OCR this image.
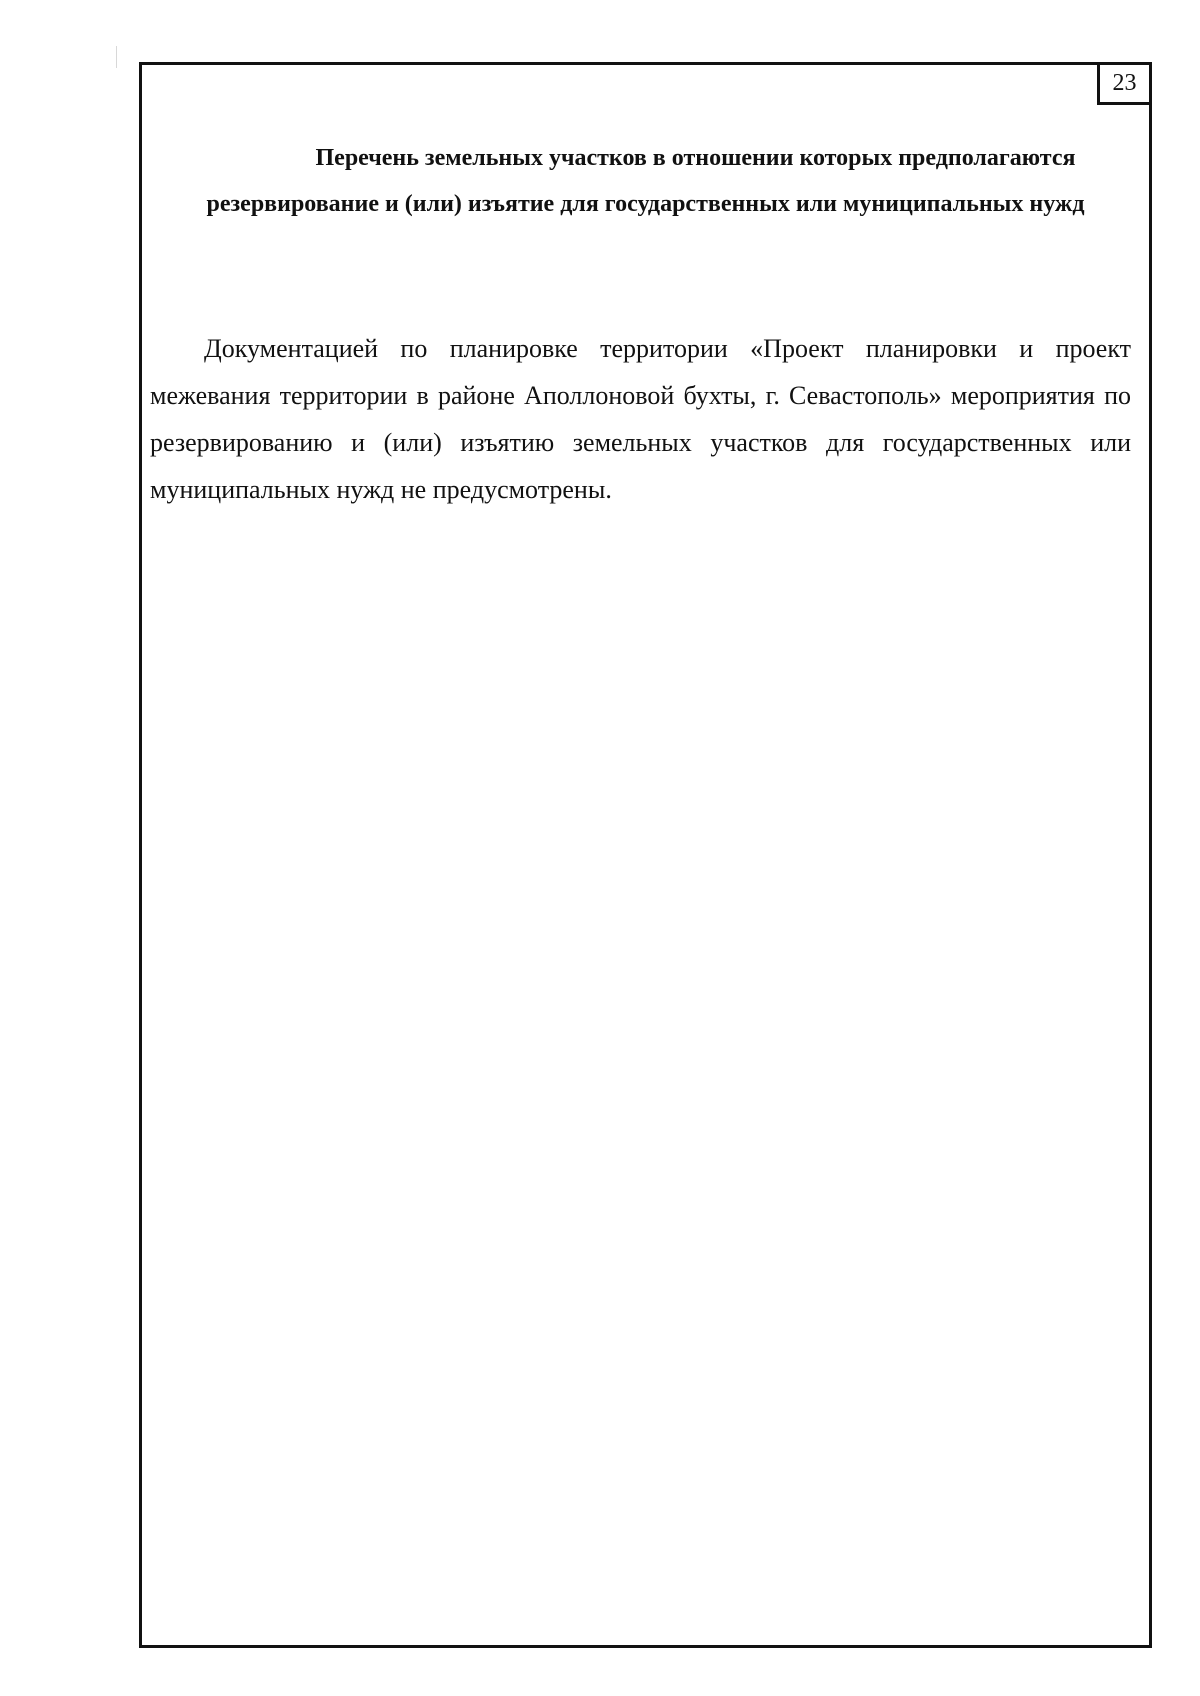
23
Перечень земельных участков в отношении которых предполагаются
резервирование и (или) изъятие для государственных или муниципальных нужд

Документацией по планировке территории «Проект планировки и проект межевания территории в районе Аполлоновой бухты, г. Севастополь» мероприятия по резервированию и (или) изъятию земельных участков для государственных или муниципальных нужд не предусмотрены.
